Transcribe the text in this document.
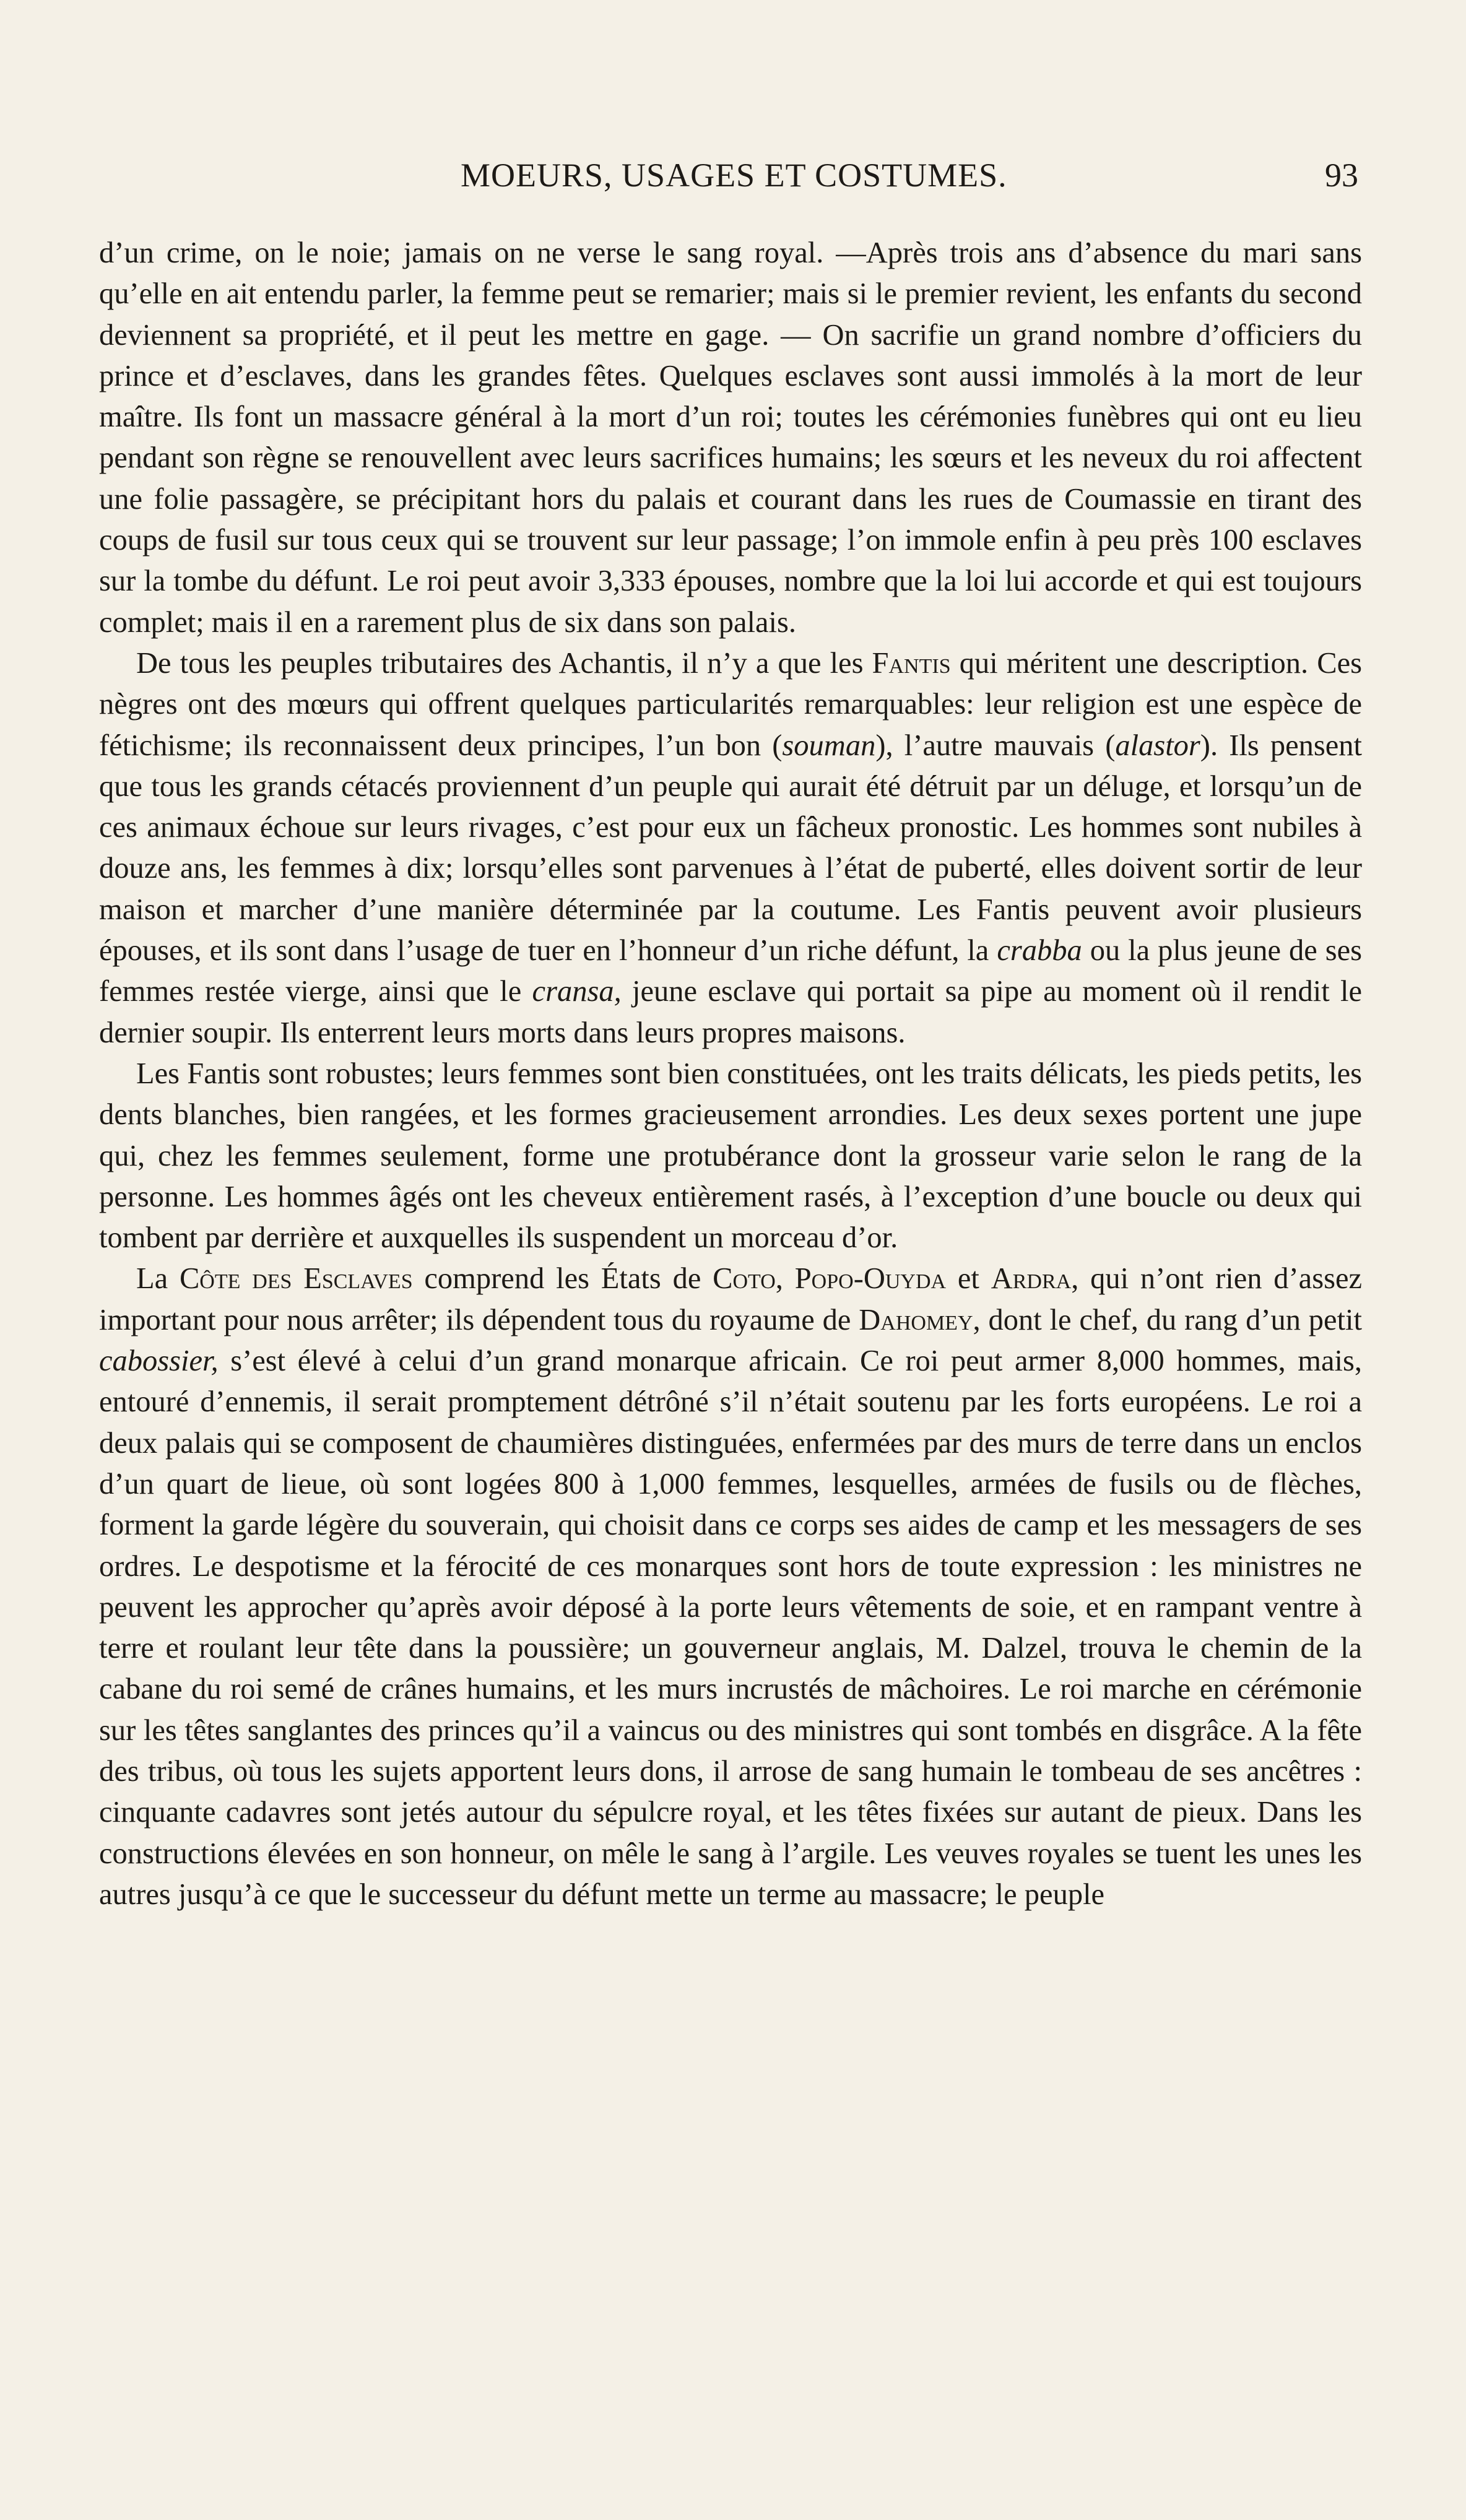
MOEURS, USAGES ET COSTUMES.	93

d’un crime, on le noie; jamais on ne verse le sang royal. —Après trois ans d’absence du mari sans qu’elle en ait entendu parler, la femme peut se remarier; mais si le premier revient, les enfants du second deviennent sa propriété, et il peut les mettre en gage. — On sacrifie un grand nombre d’officiers du prince et d’esclaves, dans les grandes fêtes. Quelques esclaves sont aussi immolés à la mort de leur maître. Ils font un massacre général à la mort d’un roi; toutes les cérémonies funèbres qui ont eu lieu pendant son règne se renouvellent avec leurs sacrifices humains; les sœurs et les neveux du roi affectent une folie passagère, se précipitant hors du palais et courant dans les rues de Coumassie en tirant des coups de fusil sur tous ceux qui se trouvent sur leur passage; l’on immole enfin à peu près 100 esclaves sur la tombe du défunt. Le roi peut avoir 3,333 épouses, nombre que la loi lui accorde et qui est toujours complet; mais il en a rarement plus de six dans son palais.

De tous les peuples tributaires des Achantis, il n’y a que les Fantis qui méritent une description. Ces nègres ont des mœurs qui offrent quelques particularités remarquables: leur religion est une espèce de fétichisme; ils reconnaissent deux principes, l’un bon (souman), l’autre mauvais (alastor). Ils pensent que tous les grands cétacés proviennent d’un peuple qui aurait été détruit par un déluge, et lorsqu’un de ces animaux échoue sur leurs rivages, c’est pour eux un fâcheux pronostic. Les hommes sont nubiles à douze ans, les femmes à dix; lorsqu’elles sont parvenues à l’état de puberté, elles doivent sortir de leur maison et marcher d’une manière déterminée par la coutume. Les Fantis peuvent avoir plusieurs épouses, et ils sont dans l’usage de tuer en l’honneur d’un riche défunt, la crabba ou la plus jeune de ses femmes restée vierge, ainsi que le cransa, jeune esclave qui portait sa pipe au moment où il rendit le dernier soupir. Ils enterrent leurs morts dans leurs propres maisons.

Les Fantis sont robustes; leurs femmes sont bien constituées, ont les traits délicats, les pieds petits, les dents blanches, bien rangées, et les formes gracieusement arrondies. Les deux sexes portent une jupe qui, chez les femmes seulement, forme une protubérance dont la grosseur varie selon le rang de la personne. Les hommes âgés ont les cheveux entièrement rasés, à l’exception d’une boucle ou deux qui tombent par derrière et auxquelles ils suspendent un morceau d’or.

La Côte des Esclaves comprend les États de Coto, Popo-Ouyda et Ardra, qui n’ont rien d’assez important pour nous arrêter; ils dépendent tous du royaume de Dahomey, dont le chef, du rang d’un petit cabossier, s’est élevé à celui d’un grand monarque africain. Ce roi peut armer 8,000 hommes, mais, entouré d’ennemis, il serait promptement détrôné s’il n’était soutenu par les forts européens. Le roi a deux palais qui se composent de chaumières distinguées, enfermées par des murs de terre dans un enclos d’un quart de lieue, où sont logées 800 à 1,000 femmes, lesquelles, armées de fusils ou de flèches, forment la garde légère du souverain, qui choisit dans ce corps ses aides de camp et les messagers de ses ordres. Le despotisme et la férocité de ces monarques sont hors de toute expression : les ministres ne peuvent les approcher qu’après avoir déposé à la porte leurs vêtements de soie, et en rampant ventre à terre et roulant leur tête dans la poussière; un gouverneur anglais, M. Dalzel, trouva le chemin de la cabane du roi semé de crânes humains, et les murs incrustés de mâchoires. Le roi marche en cérémonie sur les têtes sanglantes des princes qu’il a vaincus ou des ministres qui sont tombés en disgrâce. A la fête des tribus, où tous les sujets apportent leurs dons, il arrose de sang humain le tombeau de ses ancêtres : cinquante cadavres sont jetés autour du sépulcre royal, et les têtes fixées sur autant de pieux. Dans les constructions élevées en son honneur, on mêle le sang à l’argile. Les veuves royales se tuent les unes les autres jusqu’à ce que le successeur du défunt mette un terme au massacre; le peuple
